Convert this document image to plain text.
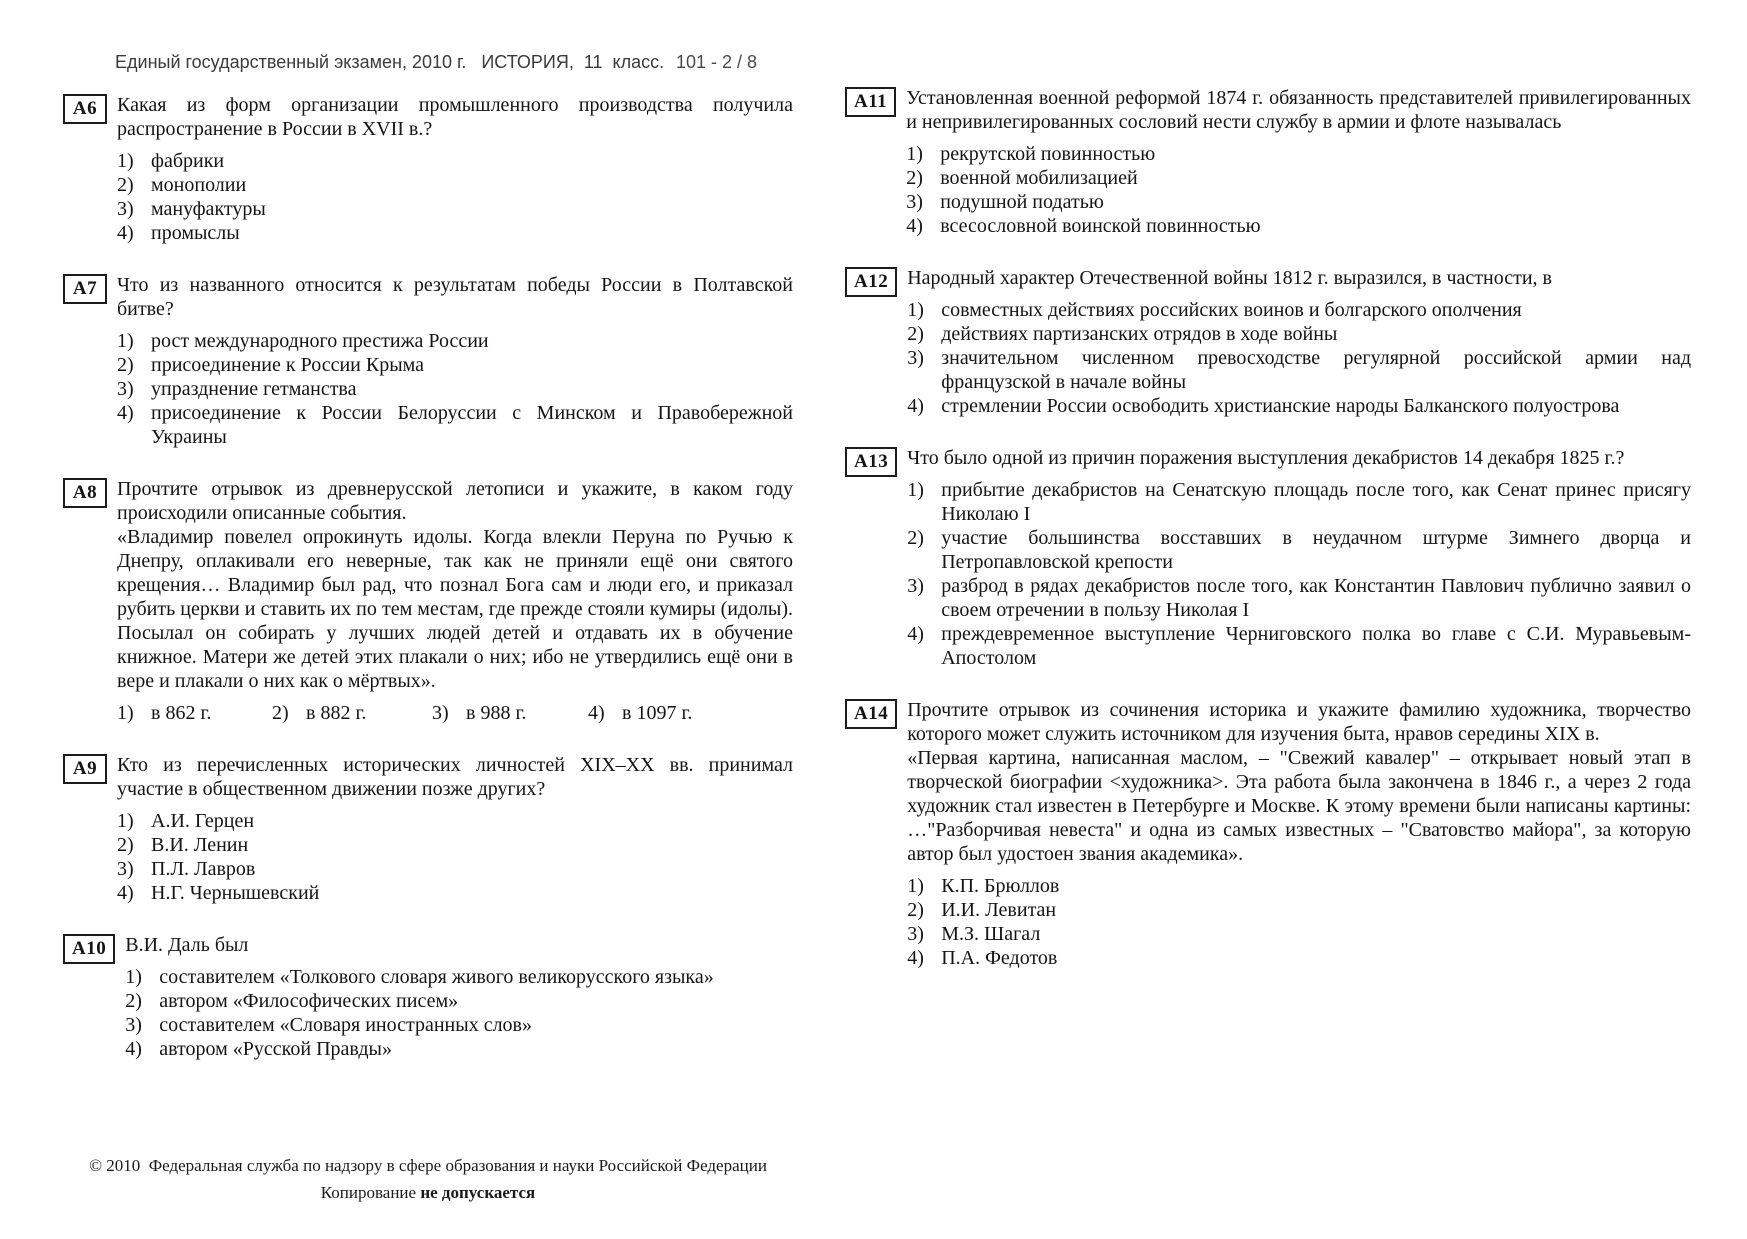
Единый государственный экзамен, 2010 г.   ИСТОРИЯ,  11  класс. 101 - 2 / 8
А6 Какая из форм организации промышленного производства получила распространение в России в XVII в.?

1) фабрики
2) монополии
3) мануфактуры
4) промыслы
А7 Что из названного относится к результатам победы России в Полтавской битве?

1) рост международного престижа России
2) присоединение к России Крыма
3) упразднение гетманства
4) присоединение к России Белоруссии с Минском и Правобережной Украины
А8 Прочтите отрывок из древнерусской летописи и укажите, в каком году происходили описанные события.

«Владимир повелел опрокинуть идолы. Когда влекли Перуна по Ручью к Днепру, оплакивали его неверные, так как не приняли ещё они святого крещения… Владимир был рад, что познал Бога сам и люди его, и приказал рубить церкви и ставить их по тем местам, где прежде стояли кумиры (идолы). Посылал он собирать у лучших людей детей и отдавать их в обучение книжное. Матери же детей этих плакали о них; ибо не утвердились ещё они в вере и плакали о них как о мёртвых».

1) в 862 г.	2) в 882 г.	3) в 988 г.	4) в 1097 г.
А9 Кто из перечисленных исторических личностей XIX–XX вв. принимал участие в общественном движении позже других?

1) А.И. Герцен
2) В.И. Ленин
3) П.Л. Лавров
4) Н.Г. Чернышевский
А10 В.И. Даль был

1) составителем «Толкового словаря живого великорусского языка»
2) автором «Философических писем»
3) составителем «Словаря иностранных слов»
4) автором «Русской Правды»
© 2010  Федеральная служба по надзору в сфере образования и науки Российской Федерации
Копирование не допускается
А11 Установленная военной реформой 1874 г. обязанность представителей привилегированных и непривилегированных сословий нести службу в армии и флоте называлась

1) рекрутской повинностью
2) военной мобилизацией
3) подушной податью
4) всесословной воинской повинностью
А12 Народный характер Отечественной войны 1812 г. выразился, в частности, в

1) совместных действиях российских воинов и болгарского ополчения
2) действиях партизанских отрядов в ходе войны
3) значительном численном превосходстве регулярной российской армии над французской в начале войны
4) стремлении России освободить христианские народы Балканского полуострова
А13 Что было одной из причин поражения выступления декабристов 14 декабря 1825 г.?

1) прибытие декабристов на Сенатскую площадь после того, как Сенат принес присягу Николаю I
2) участие большинства восставших в неудачном штурме Зимнего дворца и Петропавловской крепости
3) разброд в рядах декабристов после того, как Константин Павлович публично заявил о своем отречении в пользу Николая I
4) преждевременное выступление Черниговского полка во главе с С.И. Муравьевым-Апостолом
А14 Прочтите отрывок из сочинения историка и укажите фамилию художника, творчество которого может служить источником для изучения быта, нравов середины XIX в.

«Первая картина, написанная маслом, – "Свежий кавалер" – открывает новый этап в творческой биографии <художника>. Эта работа была закончена в 1846 г., а через 2 года художник стал известен в Петербурге и Москве. К этому времени были написаны картины: …"Разборчивая невеста" и одна из самых известных – "Сватовство майора", за которую автор был удостоен звания академика».

1) К.П. Брюллов
2) И.И. Левитан
3) М.З. Шагал
4) П.А. Федотов
